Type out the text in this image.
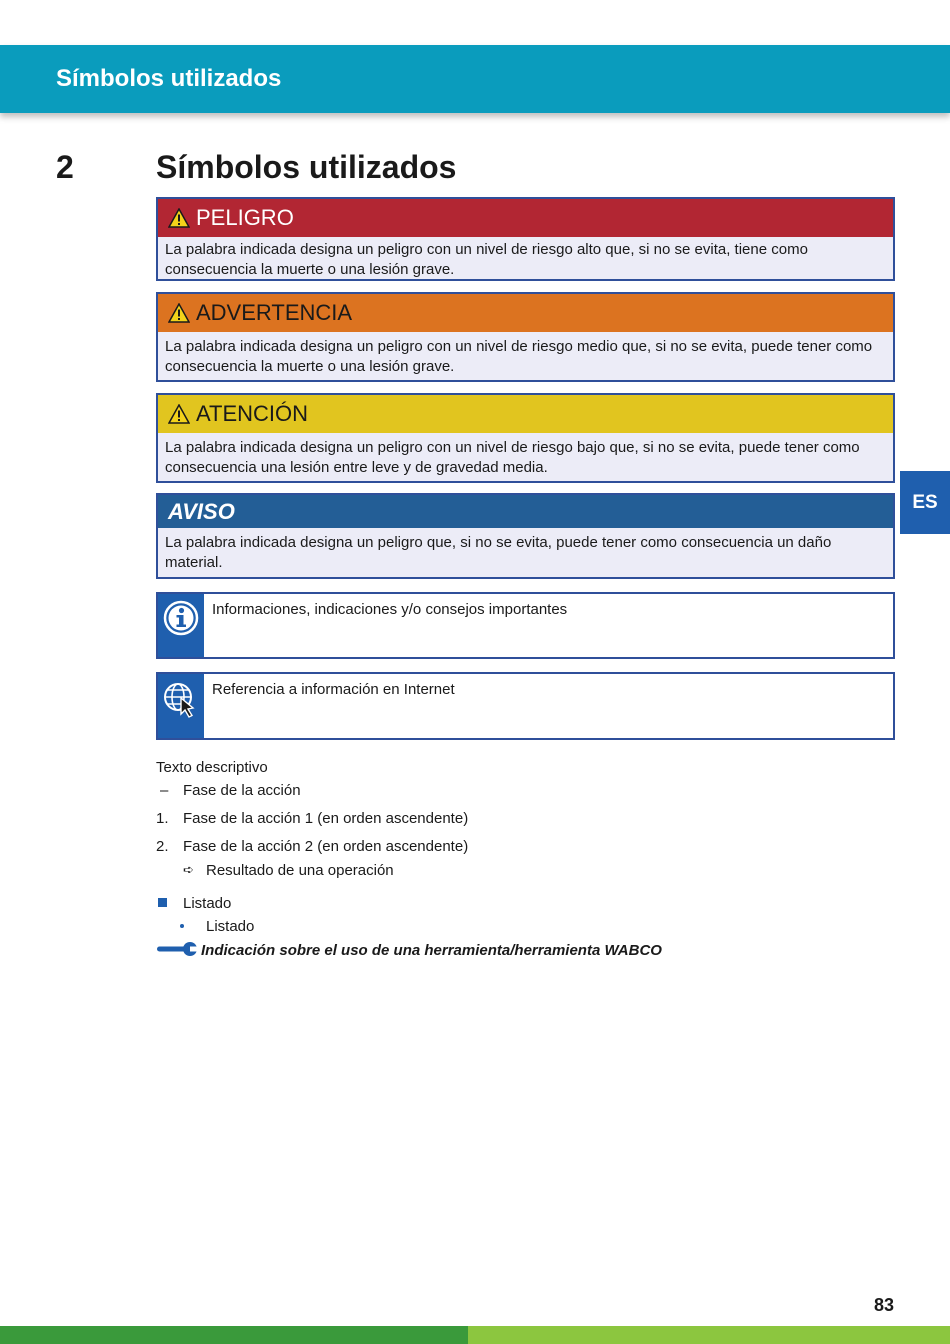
Símbolos utilizados
2	Símbolos utilizados
ES
PELIGRO
La palabra indicada designa un peligro con un nivel de riesgo alto que, si no se evita, tiene como consecuencia la muerte o una lesión grave.
ADVERTENCIA
La palabra indicada designa un peligro con un nivel de riesgo medio que, si no se evita, puede tener como consecuencia la muerte o una lesión grave.
ATENCIÓN
La palabra indicada designa un peligro con un nivel de riesgo bajo que, si no se evita, puede tener como consecuencia una lesión entre leve y de gravedad media.
AVISO
La palabra indicada designa un peligro que, si no se evita, puede tener como consecuencia un daño material.
Informaciones, indicaciones y/o consejos importantes
Referencia a información en Internet
Texto descriptivo
– Fase de la acción
1. Fase de la acción 1 (en orden ascendente)
2. Fase de la acción 2 (en orden ascendente)
➪ Resultado de una operación
Listado
Listado
Indicación sobre el uso de una herramienta/herramienta WABCO
83
